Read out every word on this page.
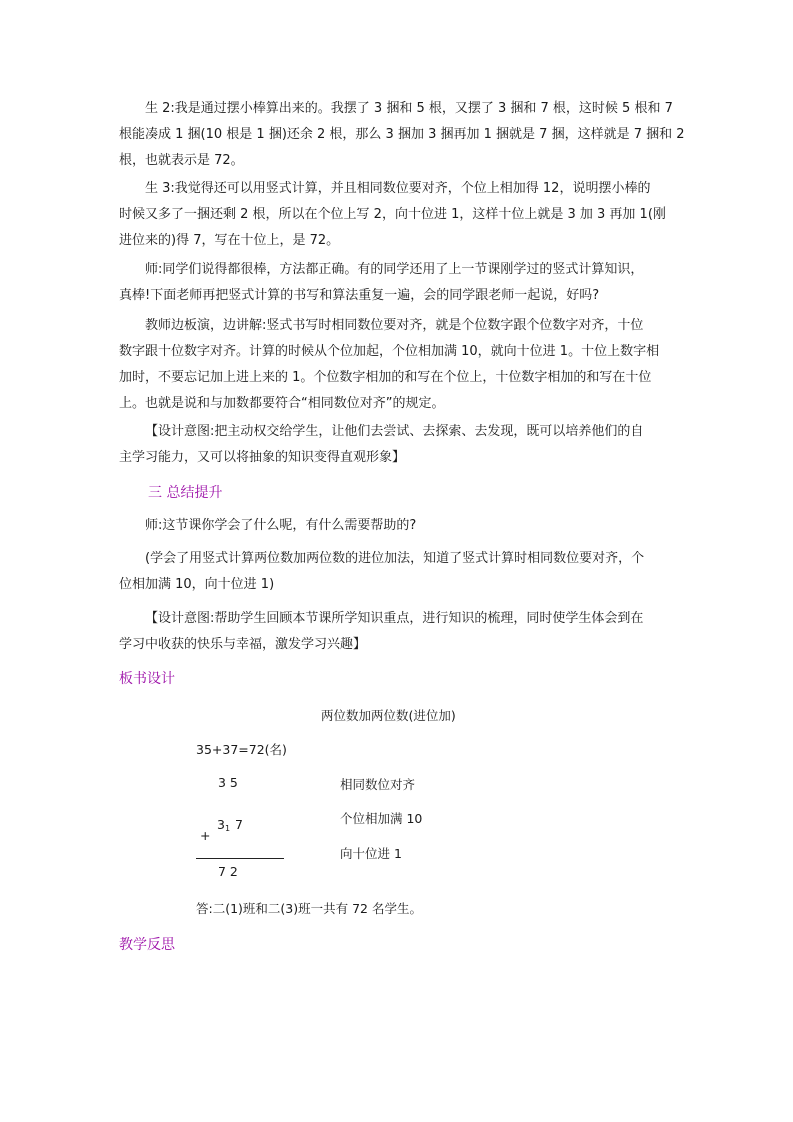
生 2:我是通过摆小棒算出来的。我摆了 3 捆和 5 根，又摆了 3 捆和 7 根，这时候 5 根和 7
根能凑成 1 捆(10 根是 1 捆)还余 2 根，那么 3 捆加 3 捆再加 1 捆就是 7 捆，这样就是 7 捆和 2
根，也就表示是 72。
生 3:我觉得还可以用竖式计算，并且相同数位要对齐，个位上相加得 12，说明摆小棒的
时候又多了一捆还剩 2 根，所以在个位上写 2，向十位进 1，这样十位上就是 3 加 3 再加 1(刚
进位来的)得 7，写在十位上，是 72。
师:同学们说得都很棒，方法都正确。有的同学还用了上一节课刚学过的竖式计算知识，
真棒!下面老师再把竖式计算的书写和算法重复一遍，会的同学跟老师一起说，好吗?
教师边板演，边讲解:竖式书写时相同数位要对齐，就是个位数字跟个位数字对齐，十位
数字跟十位数字对齐。计算的时候从个位加起，个位相加满 10，就向十位进 1。十位上数字相
加时，不要忘记加上进上来的 1。个位数字相加的和写在个位上，十位数字相加的和写在十位
上。也就是说和与加数都要符合“相同数位对齐”的规定。
【设计意图:把主动权交给学生，让他们去尝试、去探索、去发现，既可以培养他们的自
主学习能力，又可以将抽象的知识变得直观形象】
三 总结提升
师:这节课你学会了什么呢，有什么需要帮助的?
(学会了用竖式计算两位数加两位数的进位加法，知道了竖式计算时相同数位要对齐，个
位相加满 10，向十位进 1)
【设计意图:帮助学生回顾本节课所学知识重点，进行知识的梳理，同时使学生体会到在
学习中收获的快乐与幸福，激发学习兴趣】
板书设计
两位数加两位数(进位加)
35+37=72(名)
3 5
+
3 1 7
7 2
相同数位对齐
个位相加满 10
向十位进 1
答:二(1)班和二(3)班一共有 72 名学生。
教学反思
